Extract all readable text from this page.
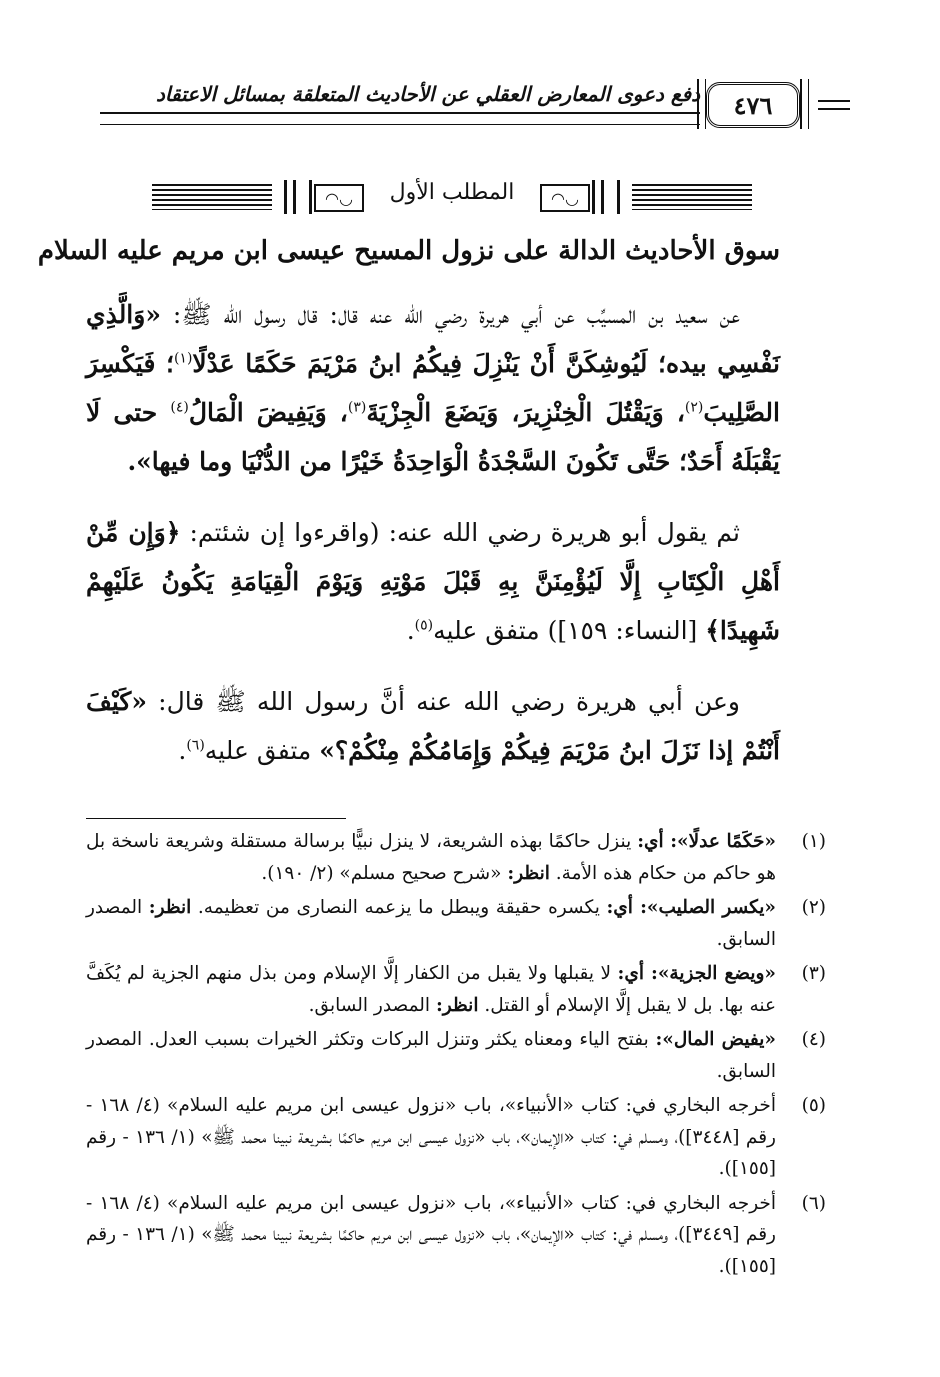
دفع دعوى المعارض العقلي عن الأحاديث المتعلقة بمسائل الاعتقاد ٤٧٦
◠◡ المطلب الأول ◠◡
سوق الأحاديث الدالة على نزول المسيح عيسى ابن مريم عليه السلام

عن سعيد بن المسيِّب عن أبي هريرة رضي الله عنه قال: قال رسول الله ﷺ: «وَالَّذِي نَفْسِي بيده؛ لَيُوشِكَنَّ أَنْ يَنْزِلَ فِيكُمُ ابنُ مَرْيَمَ حَكَمًا عَدْلًا$^{(١)}$؛ فَيَكْسِرَ الصَّلِيبَ$^{(٢)}$، وَيَقْتُلَ الْخِنْزِيرَ، وَيَضَعَ الْجِزْيَةَ$^{(٣)}$، وَيَفِيضَ الْمَالُ$^{(٤)}$ حتى لَا يَقْبَلَهُ أَحَدٌ؛ حَتَّى تَكُونَ السَّجْدَةُ الْوَاحِدَةُ خَيْرًا من الدُّنْيَا وما فيها».

ثم يقول أبو هريرة رضي الله عنه: (واقرءوا إن شئتم: ﴿وَإِن مِّنْ أَهْلِ الْكِتَابِ إِلَّا لَيُؤْمِنَنَّ بِهِ قَبْلَ مَوْتِهِ وَيَوْمَ الْقِيَامَةِ يَكُونُ عَلَيْهِمْ شَهِيدًا﴾ [النساء: ١٥٩]) متفق عليه$^{(٥)}$.

وعن أبي هريرة رضي الله عنه أنَّ رسول الله ﷺ قال: «كَيْفَ أَنْتُمْ إذا نَزَلَ ابنُ مَرْيَمَ فِيكُمْ وَإِمَامُكُمْ مِنْكُمْ؟» متفق عليه$^{(٦)}$.

(١)
«حَكَمًا عدلًا»: أي: ينزل حاكمًا بهذه الشريعة، لا ينزل نبيًّا برسالة مستقلة وشريعة ناسخة بل هو حاكم من حكام هذه الأمة. انظر: «شرح صحيح مسلم» (٢/ ١٩٠).
(٢)
«يكسر الصليب»: أي: يكسره حقيقة ويبطل ما يزعمه النصارى من تعظيمه. انظر: المصدر السابق.
(٣)
«ويضع الجزية»: أي: لا يقبلها ولا يقبل من الكفار إلَّا الإسلام ومن بذل منهم الجزية لم يُكَفَّ عنه بها. بل لا يقبل إلَّا الإسلام أو القتل. انظر: المصدر السابق.
(٤)
«يفيض المال»: بفتح الياء ومعناه يكثر وتنزل البركات وتكثر الخيرات بسبب العدل. المصدر السابق.
(٥)
أخرجه البخاري في: كتاب «الأنبياء»، باب «نزول عيسى ابن مريم عليه السلام» (٤/ ١٦٨ - رقم [٣٤٤٨])، ومسلم في: كتاب «الإيمان»، باب «نزول عيسى ابن مريم حاكمًا بشريعة نبينا محمد ﷺ» (١/ ١٣٦ - رقم [١٥٥]).
(٦)
أخرجه البخاري في: كتاب «الأنبياء»، باب «نزول عيسى ابن مريم عليه السلام» (٤/ ١٦٨ - رقم [٣٤٤٩])، ومسلم في: كتاب «الإيمان»، باب «نزول عيسى ابن مريم حاكمًا بشريعة نبينا محمد ﷺ» (١/ ١٣٦ - رقم [١٥٥]).
